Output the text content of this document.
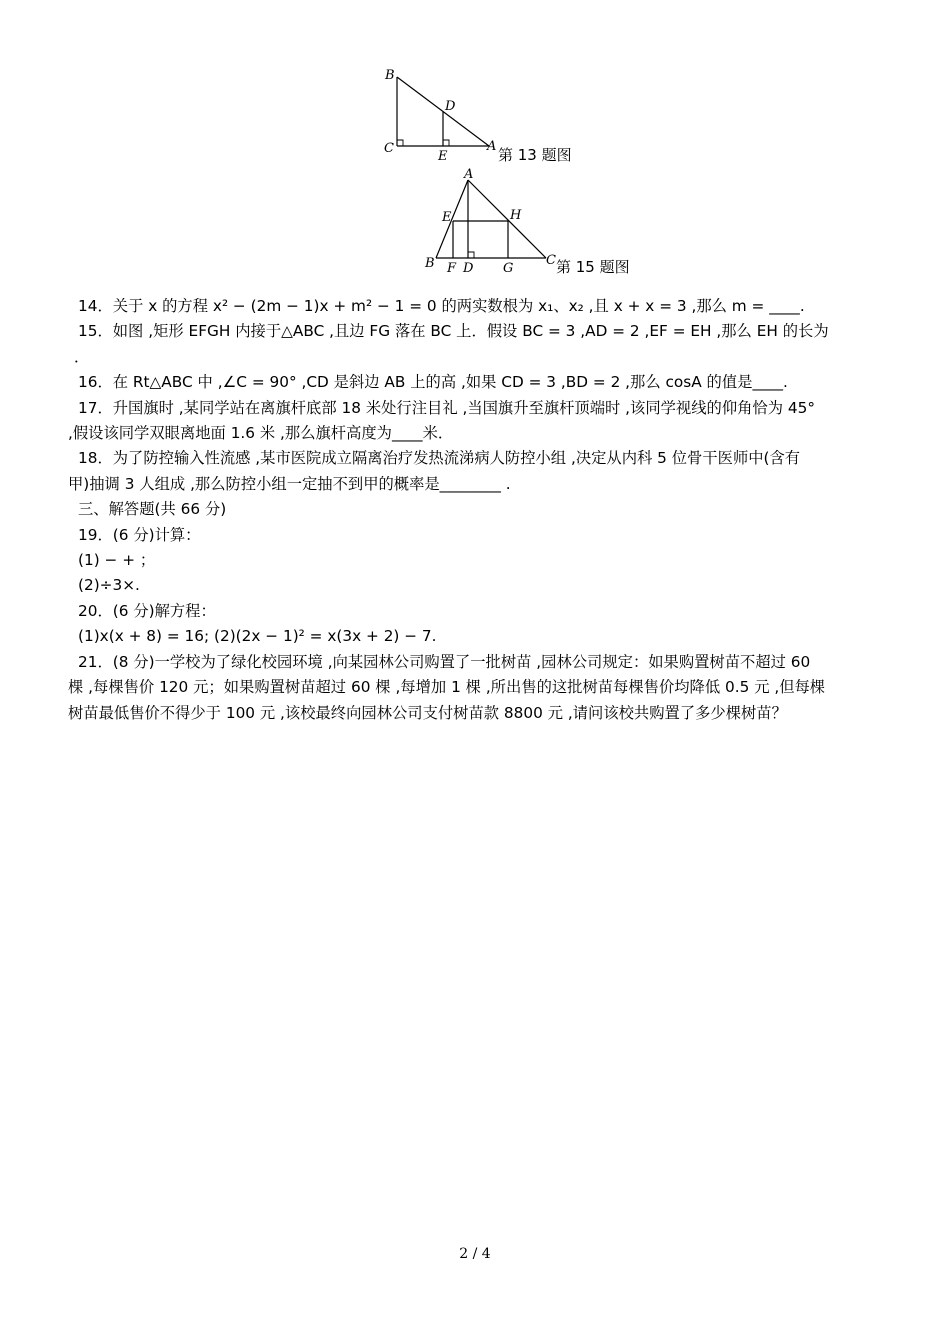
B
D
C
E
A 第 13 题图
A
E	H
B F D G
C 第 15 题图

14．关于 x 的方程 x² − (2m − 1)x + m² − 1 = 0 的两实数根为 x₁、x₂ ,且 x + x = 3 ,那么 m = ____.

15．如图 ,矩形 EFGH 内接于△ABC ,且边 FG 落在 BC 上．假设 BC = 3 ,AD = 2 ,EF = EH ,那么 EH 的长为

．

16．在 Rt△ABC 中 ,∠C = 90° ,CD 是斜边 AB 上的高 ,如果 CD = 3 ,BD = 2 ,那么 cosA 的值是____.

17．升国旗时 ,某同学站在离旗杆底部 18 米处行注目礼 ,当国旗升至旗杆顶端时 ,该同学视线的仰角恰为 45°

,假设该同学双眼离地面 1.6 米 ,那么旗杆高度为____米．

18．为了防控输入性流感 ,某市医院成立隔离治疗发热流涕病人防控小组 ,决定从内科 5 位骨干医师中(含有

甲)抽调 3 人组成 ,那么防控小组一定抽不到甲的概率是________ .

三、解答题(共 66 分)

19．(6 分)计算：

(1) − + ；

(2)÷3×.

20．(6 分)解方程：

(1)x(x + 8) = 16; (2)(2x − 1)² = x(3x + 2) − 7.

21．(8 分)一学校为了绿化校园环境 ,向某园林公司购置了一批树苗 ,园林公司规定：如果购置树苗不超过 60

棵 ,每棵售价 120 元；如果购置树苗超过 60 棵 ,每增加 1 棵 ,所出售的这批树苗每棵售价均降低 0.5 元 ,但每棵

树苗最低售价不得少于 100 元 ,该校最终向园林公司支付树苗款 8800 元 ,请问该校共购置了多少棵树苗？

2 / 4
